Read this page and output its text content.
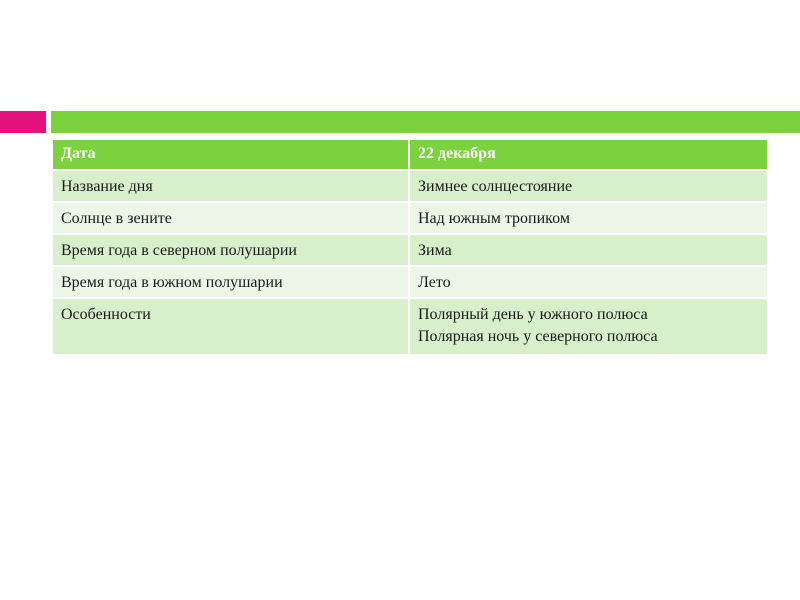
Дата	22 декабря
Название дня	Зимнее солнцестояние

Солнце в зените	Над южным тропиком

Время года в северном полушарии	Зима

Время года в южном полушарии	Лето

Особенности	Полярный день у южного полюса
Полярная ночь у северного полюса
